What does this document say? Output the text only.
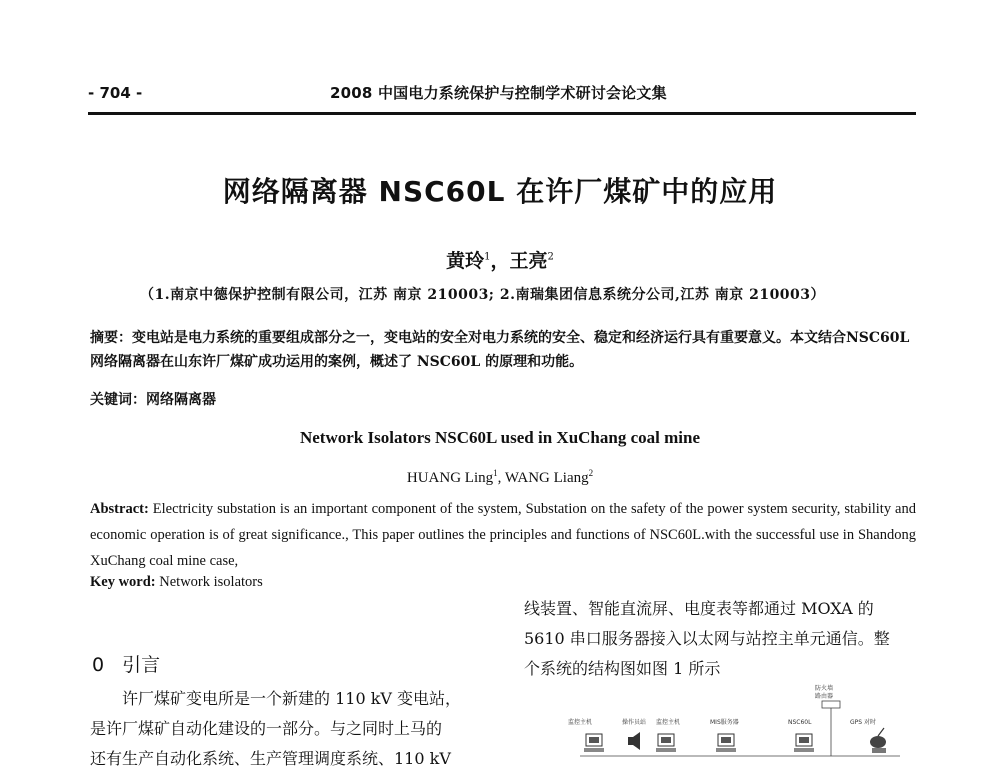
- 704 -	2008 中国电力系统保护与控制学术研讨会论文集
网络隔离器 NSC60L 在许厂煤矿中的应用
黄玲$^1$，王亮$^2$
（1.南京中德保护控制有限公司，江苏 南京 210003; 2.南瑞集团信息系统分公司,江苏 南京 210003）
摘要：变电站是电力系统的重要组成部分之一，变电站的安全对电力系统的安全、稳定和经济运行具有重要意义。本文结合NSC60L 网络隔离器在山东许厂煤矿成功运用的案例，概述了 NSC60L 的原理和功能。
关键词：网络隔离器
Network Isolators NSC60L used in XuChang coal mine
HUANG Ling$^1$, WANG Liang$^2$
Abstract: Electricity substation is an important component of the system, Substation on the safety of the power system security, stability and economic operation is of great significance., This paper outlines the principles and functions of NSC60L.with the successful use in Shandong XuChang coal mine case,
Key word: Network isolators
0 引言
许厂煤矿变电所是一个新建的 110 kV 变电站，
是许厂煤矿自动化建设的一部分。与之同时上马的
还有生产自动化系统、生产管理调度系统、110 kV
线装置、智能直流屏、电度表等都通过 MOXA 的
5610 串口服务器接入以太网与站控主单元通信。整
个系统的结构图如图 1 所示
防火墙
路由器
监控主机	操作员站 监控主机	MIS服务器	NSC60L	GPS 对时
